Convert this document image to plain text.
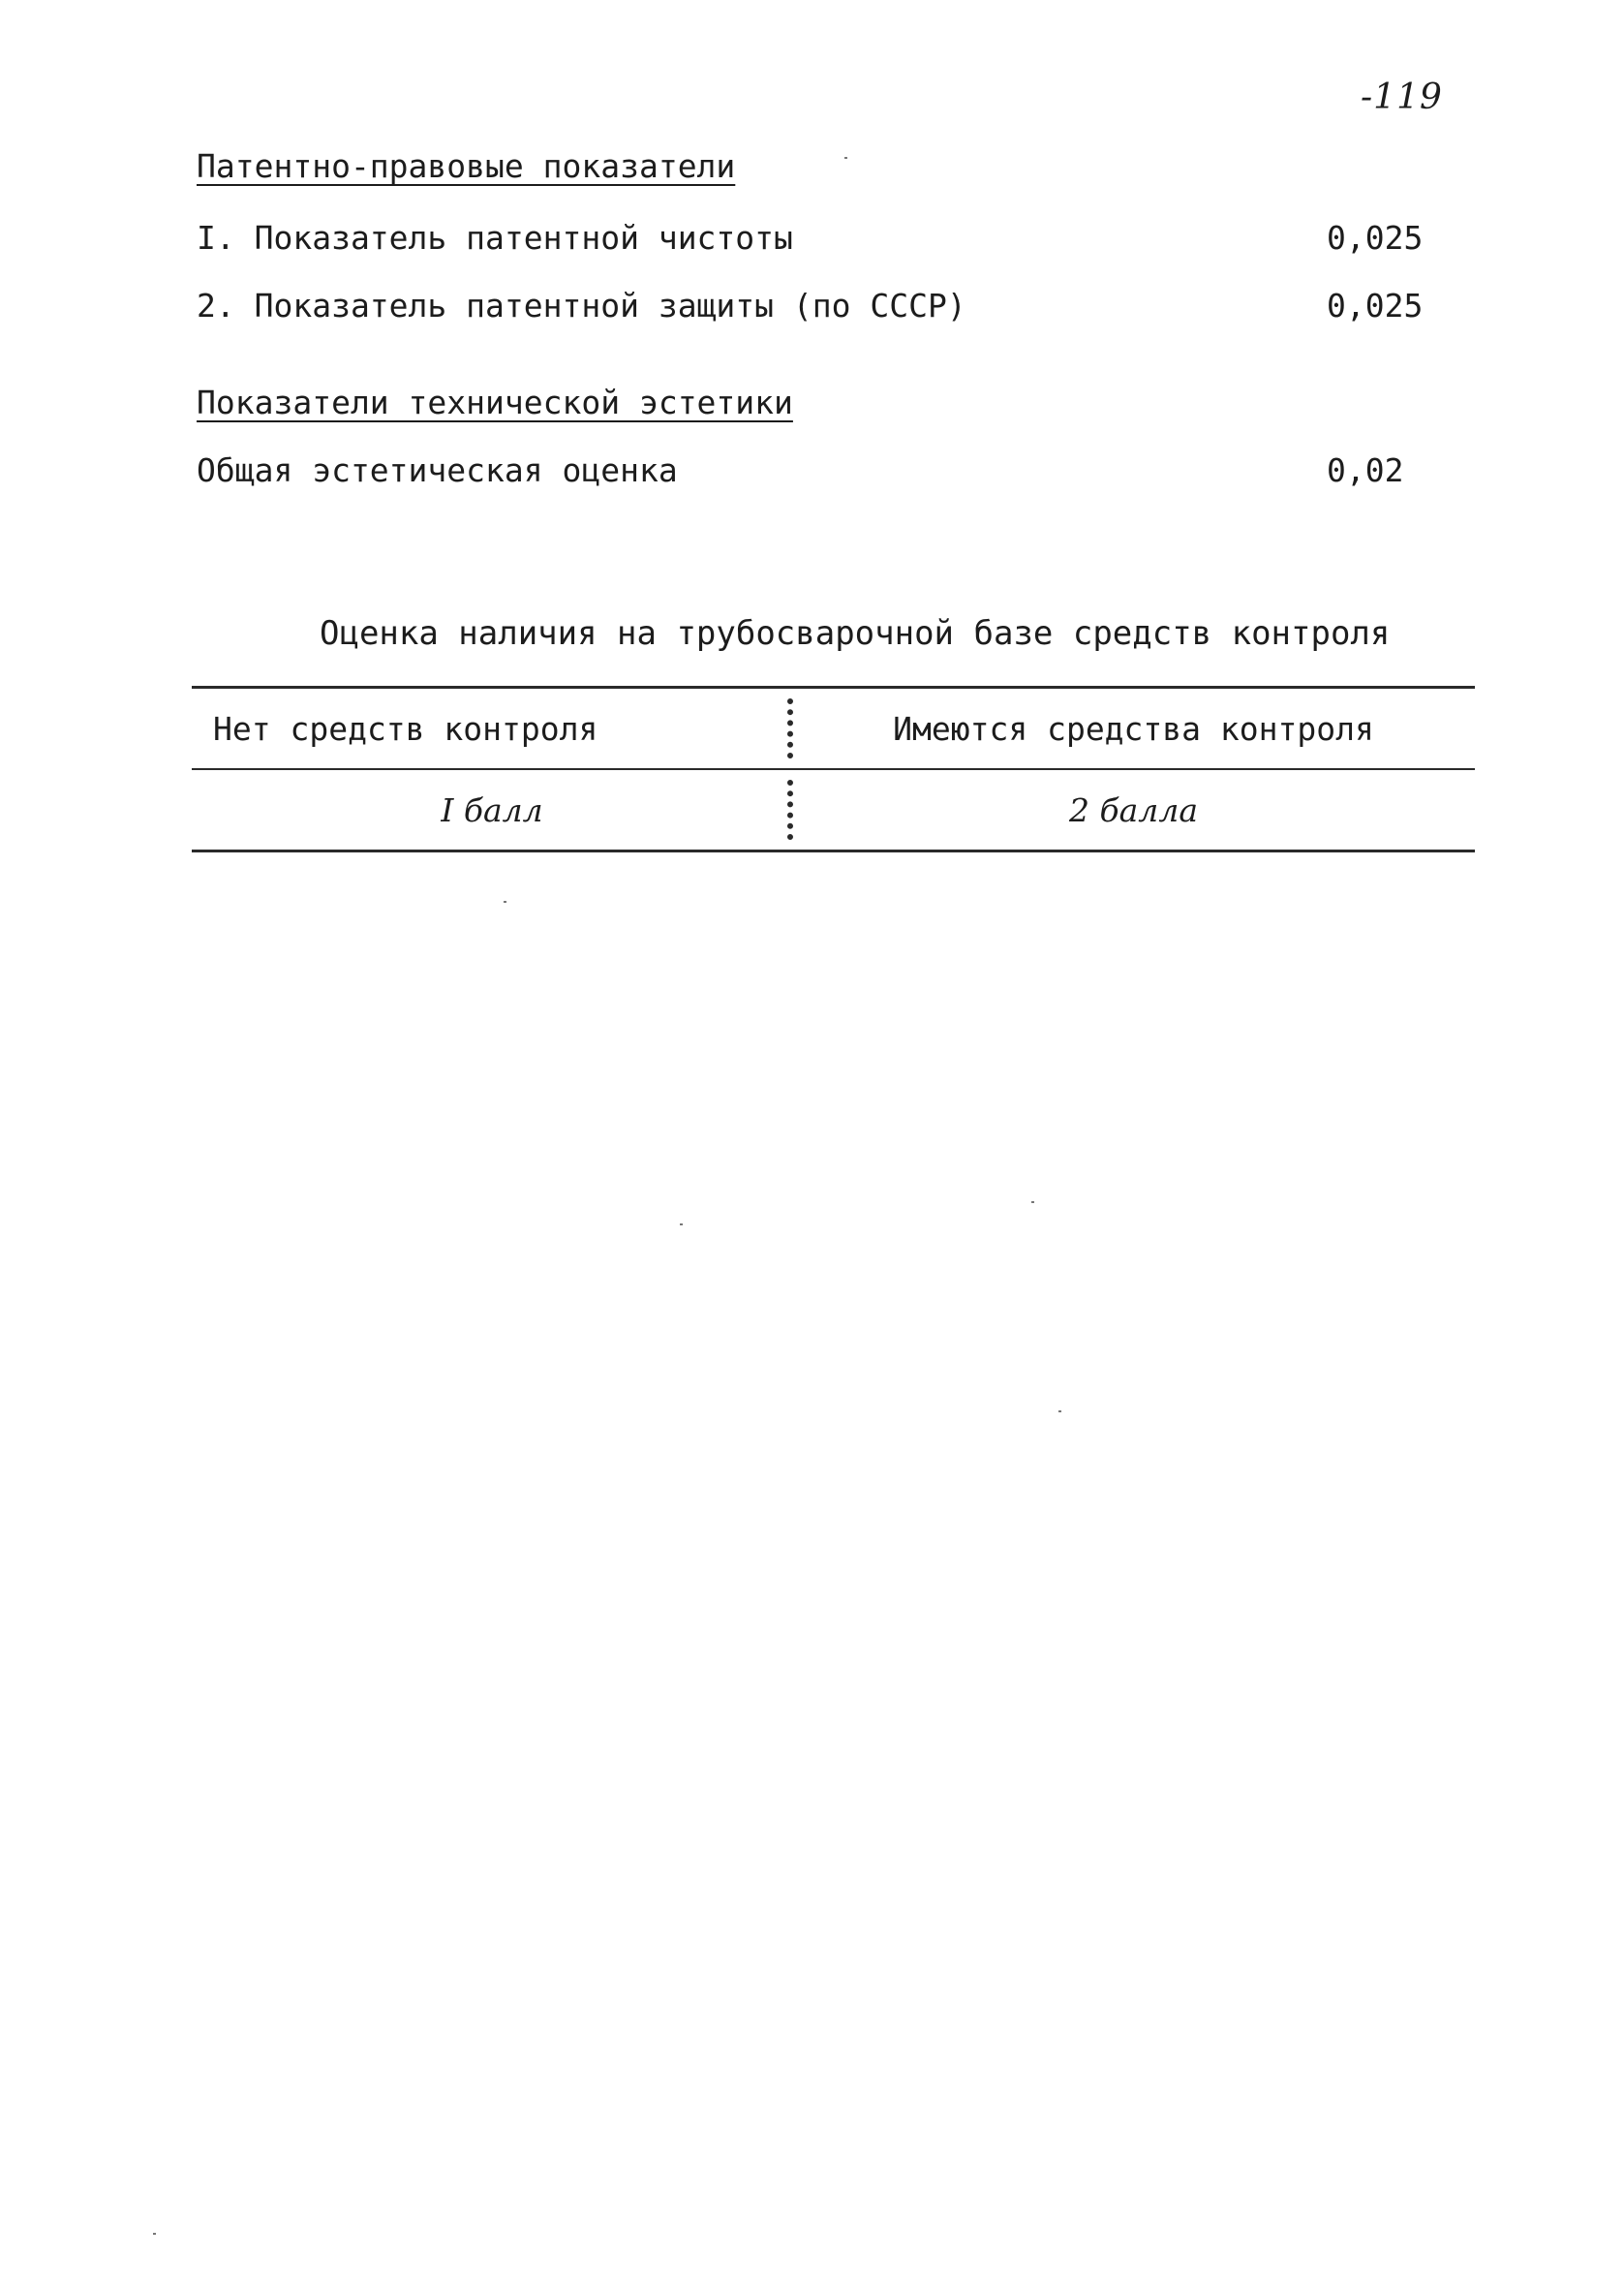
-119
Патентно-правовые показатели
I. Показатель патентной чистоты	0,025
2. Показатель патентной защиты (по СССР)	0,025
Показатели технической эстетики
Общая эстетическая оценка	0,02
Оценка наличия на трубосварочной базе средств контроля
Нет средств контроля	Имеются средства контроля
I балл	2 балла
